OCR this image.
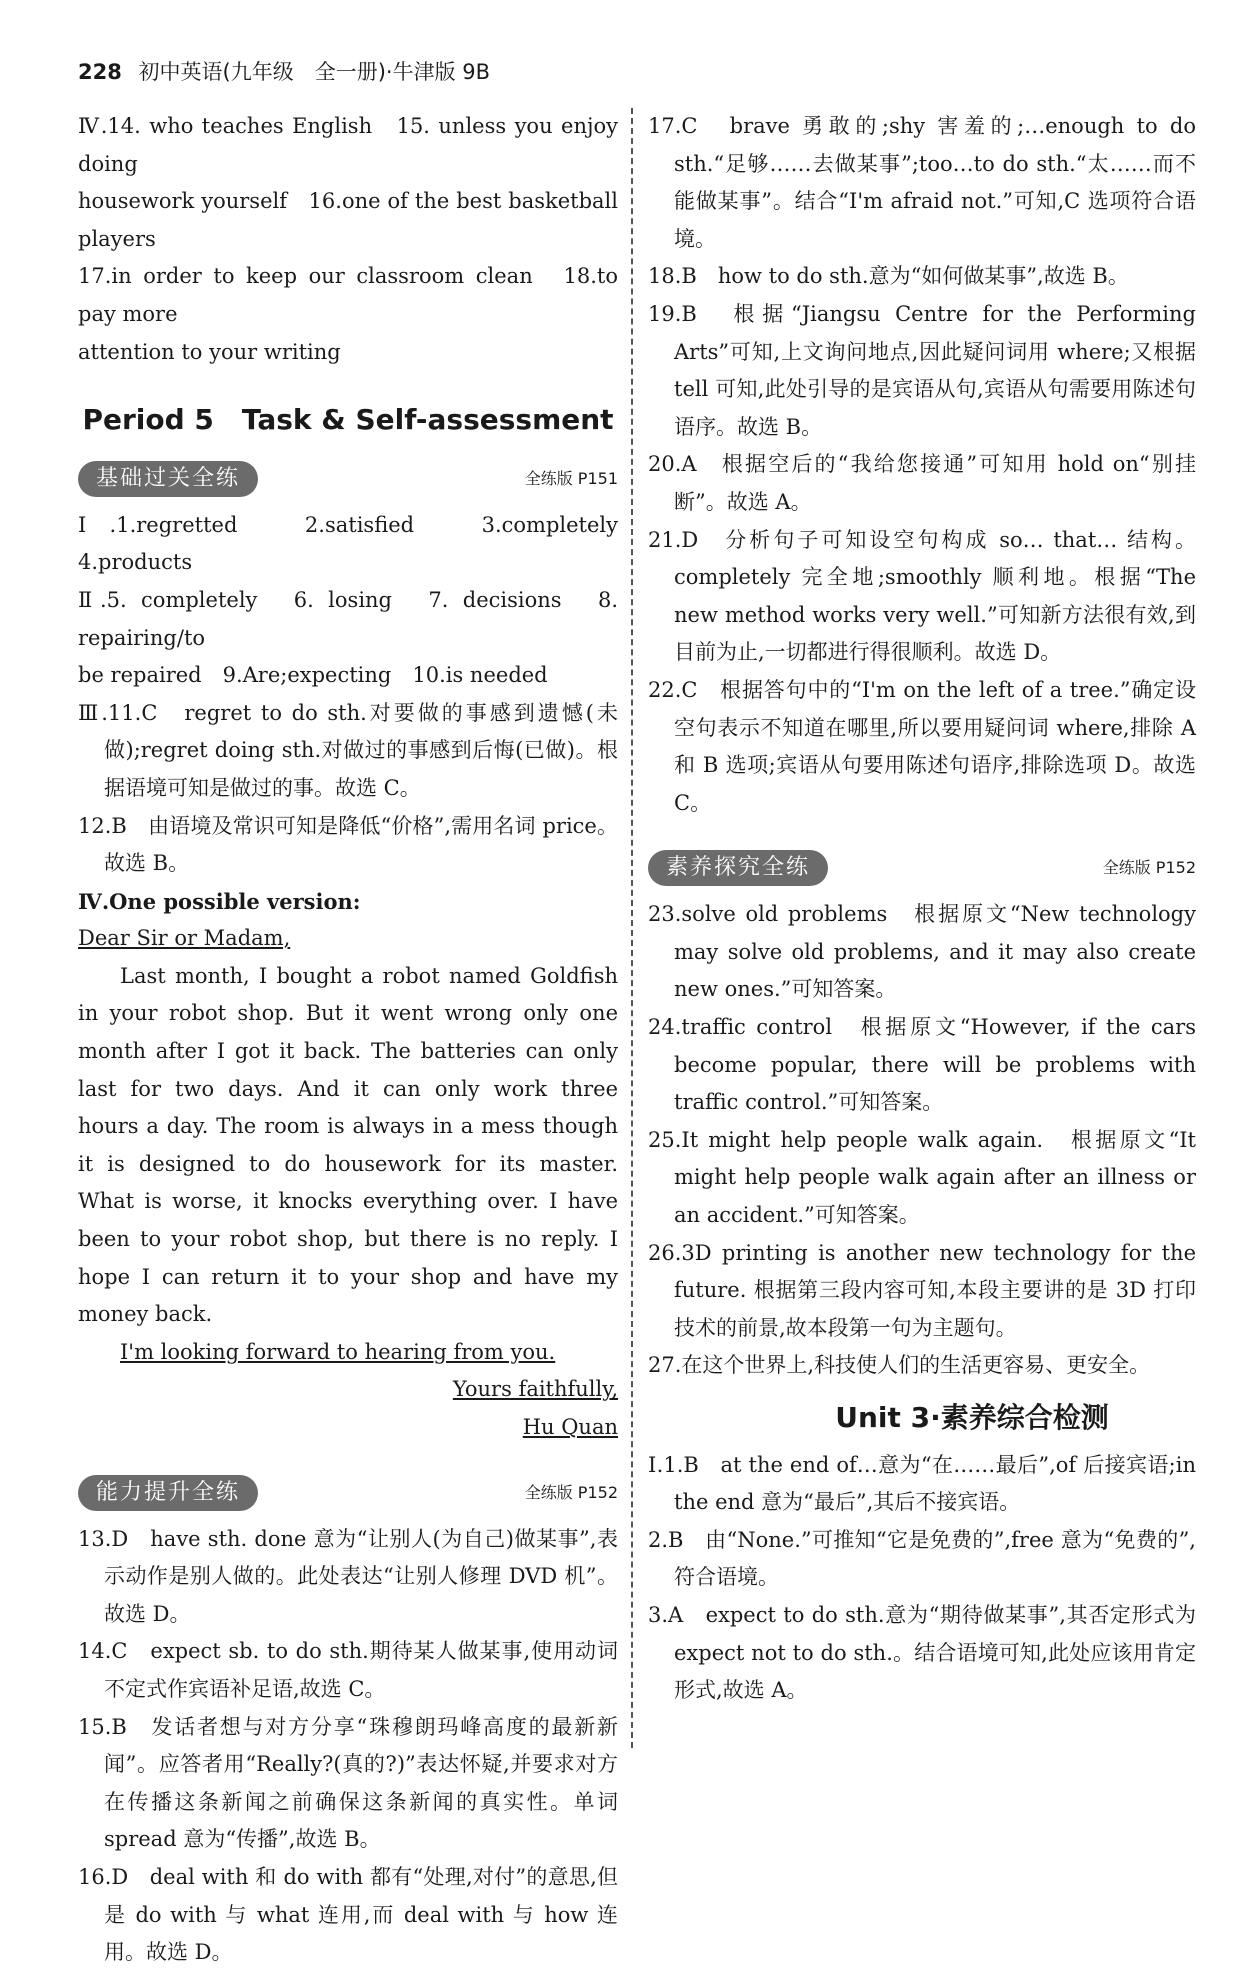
228 初中英语(九年级　全一册)·牛津版 9B

Ⅳ.14. who teaches English　15. unless you enjoy doing

housework yourself　16.one of the best basketball players

17.in order to keep our classroom clean　18.to pay more

attention to your writing

Period 5　Task & Self-assessment
基础过关全练	全练版 P151

Ⅰ.1.regretted　2.satisfied　3.completely　4.products

Ⅱ.5. completely　6. losing　7. decisions　8. repairing/to

be repaired　9.Are;expecting　10.is needed

Ⅲ.11.C　regret to do sth.对要做的事感到遗憾(未做);regret doing sth.对做过的事感到后悔(已做)。根据语境可知是做过的事。故选 C。

12.B　由语境及常识可知是降低“价格”,需用名词 price。故选 B。

Ⅳ.One possible version:

Dear Sir or Madam,

Last month, I bought a robot named Goldfish in your robot shop. But it went wrong only one month after I got it back. The batteries can only last for two days. And it can only work three hours a day. The room is always in a mess though it is designed to do housework for its master. What is worse, it knocks everything over. I have been to your robot shop, but there is no reply. I hope I can return it to your shop and have my money back.

I'm looking forward to hearing from you.

Yours faithfully,

Hu Quan

能力提升全练	全练版 P152

13.D　have sth. done 意为“让别人(为自己)做某事”,表示动作是别人做的。此处表达“让别人修理 DVD 机”。故选 D。

14.C　expect sb. to do sth.期待某人做某事,使用动词不定式作宾语补足语,故选 C。

15.B　发话者想与对方分享“珠穆朗玛峰高度的最新新闻”。应答者用“Really?(真的?)”表达怀疑,并要求对方在传播这条新闻之前确保这条新闻的真实性。单词 spread 意为“传播”,故选 B。

16.D　deal with 和 do with 都有“处理,对付”的意思,但是 do with 与 what 连用,而 deal with 与 how 连用。故选 D。

17.C　brave 勇敢的;shy 害羞的;…enough to do sth.“足够……去做某事”;too…to do sth.“太……而不能做某事”。结合“I'm afraid not.”可知,C 选项符合语境。

18.B　how to do sth.意为“如何做某事”,故选 B。

19.B　根据“Jiangsu Centre for the Performing Arts”可知,上文询问地点,因此疑问词用 where;又根据 tell 可知,此处引导的是宾语从句,宾语从句需要用陈述句语序。故选 B。

20.A　根据空后的“我给您接通”可知用 hold on“别挂断”。故选 A。

21.D　分析句子可知设空句构成 so… that… 结构。completely 完全地;smoothly 顺利地。根据“The new method works very well.”可知新方法很有效,到目前为止,一切都进行得很顺利。故选 D。

22.C　根据答句中的“I'm on the left of a tree.”确定设空句表示不知道在哪里,所以要用疑问词 where,排除 A 和 B 选项;宾语从句要用陈述句语序,排除选项 D。故选 C。

素养探究全练	全练版 P152

23.solve old problems　根据原文“New technology may solve old problems, and it may also create new ones.”可知答案。

24.traffic control　根据原文“However, if the cars become popular, there will be problems with traffic control.”可知答案。

25.It might help people walk again.　根据原文“It might help people walk again after an illness or an accident.”可知答案。

26.3D printing is another new technology for the future. 根据第三段内容可知,本段主要讲的是 3D 打印技术的前景,故本段第一句为主题句。

27.在这个世界上,科技使人们的生活更容易、更安全。

Unit 3·素养综合检测

Ⅰ.1.B　at the end of…意为“在……最后”,of 后接宾语;in the end 意为“最后”,其后不接宾语。

2.B　由“None.”可推知“它是免费的”,free 意为“免费的”,符合语境。

3.A　expect to do sth.意为“期待做某事”,其否定形式为 expect not to do sth.。结合语境可知,此处应该用肯定形式,故选 A。
